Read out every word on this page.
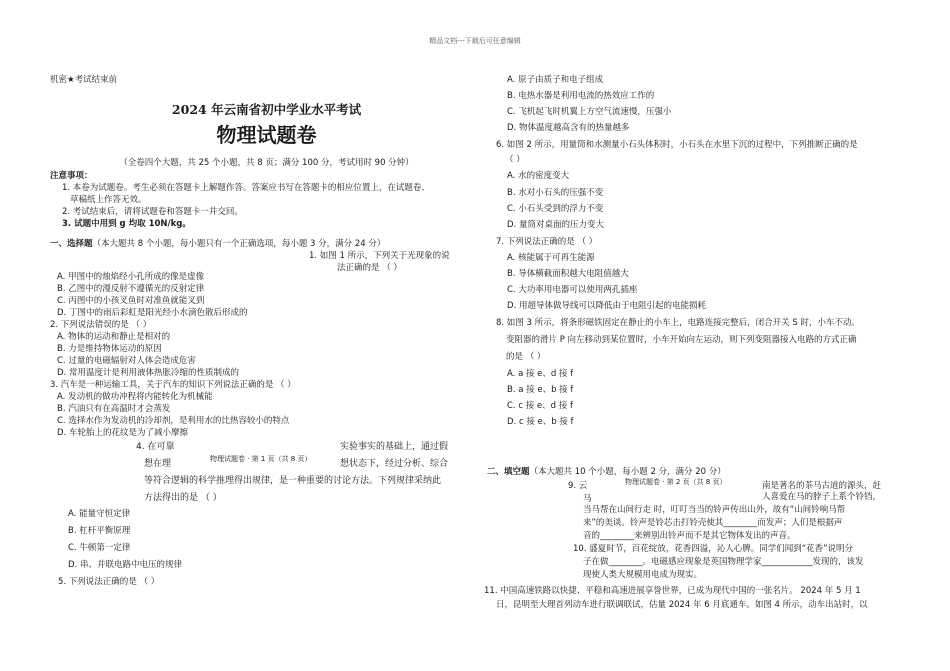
精品文档---下载后可任意编辑
机密★考试结束前
2024 年云南省初中学业水平考试
物理试题卷
（全卷四个大题，共 25 个小题，共 8 页；满分 100 分，考试用时 90 分钟）
注意事项：
1. 本卷为试题卷。考生必须在答题卡上解题作答。答案应书写在答题卡的相应位置上，在试题卷、
草稿纸上作答无效。
2. 考试结束后，请将试题卷和答题卡一并交回。
3. 试题中用到 g 均取 10N/kg。
一、选择题（本大题共 8 个小题，每小题只有一个正确选项，每小题 3 分，满分 24 分）
1. 如图 1 所示，下列关于光现象的说
法正确的是 （ ）
A. 甲图中的烛焰经小孔所成的像是虚像
B. 乙图中的漫反射不遵循光的反射定律
C. 丙图中的小孩叉鱼时对准鱼就能叉到
D. 丁图中的雨后彩虹是阳光经小水滴色散后形成的
2. 下列说法错误的是 （ ）
A. 物体的运动和静止是相对的
B. 力是维持物体运动的原因
C. 过量的电磁辐射对人体会造成危害
D. 常用温度计是利用液体热胀冷缩的性质制成的
3. 汽车是一种运输工具，关于汽车的知识下列说法正确的是 （ ）
A. 发动机的做功冲程将内能转化为机械能
B. 汽油只有在高温时才会蒸发
C. 选择水作为发动机的冷却剂，是利用水的比热容较小的特点
D. 车轮胎上的花纹是为了减小摩擦
4. 在可靠	实验事实的基础上，通过假
想在理	物理试题卷 · 第 1 页（共 8 页）	想状态下，经过分析、综合
等符合逻辑的科学推理得出规律，是一种重要的讨论方法。下列规律采纳此
方法得出的是 （ ）
A. 能量守恒定律
B. 杠杆平衡原理
C. 牛顿第一定律
D. 串、并联电路中电压的规律
5. 下列说法正确的是 （ ）
A. 原子由质子和电子组成
B. 电热水器是利用电流的热效应工作的
C. 飞机起飞时机翼上方空气流速慢，压强小
D. 物体温度越高含有的热量越多
6. 如图 2 所示，用量筒和水测量小石头体积时，小石头在水里下沉的过程中，下列推断正确的是
（ ）
A. 水的密度变大
B. 水对小石头的压强不变
C. 小石头受到的浮力不变
D. 量筒对桌面的压力变大
7. 下列说法正确的是 （ ）
A. 核能属于可再生能源
B. 导体横截面积越大电阻值越大
C. 大功率用电器可以使用两孔插座
D. 用超导体做导线可以降低由于电阻引起的电能损耗
8. 如图 3 所示，将条形磁铁固定在静止的小车上，电路连接完整后，闭合开关 S 时，小车不动。
变阻器的滑片 P 向左移动到某位置时，小车开始向左运动，则下列变阻器接入电路的方式正确
的是 （ ）
A. a 接 e、d 接 f
B. a 接 e、b 接 f
C. c 接 e、d 接 f
D. c 接 e、b 接 f
二、填空题（本大题共 10 个小题，每小题 2 分，满分 20 分）
9. 云	物理试题卷 · 第 2 页（共 8 页）	南是著名的茶马古道的源头，赶
马	人喜爱在马的脖子上系个铃铛，
当马帮在山间行走 时，叮叮当当的铃声传出山外，故有“山间铃响马帮
来”的美谈。铃声是铃芯击打铃壳使其________而发声；人们是根据声
音的________来辨别出铃声而不是其它物体发出的声音。
10. 盛夏时节，百花绽放，花香四溢，沁人心脾。同学们闻到“花香”说明分
子在做________。电磁感应现象是英国物理学家____________发现的，该发
现使人类大规模用电成为现实。
11. 中国高速铁路以快捷、平稳和高速进展享誉世界，已成为现代中国的一张名片。 2024 年 5 月 1
日，昆明至大理首列动车进行联调联试，估量 2024 年 6 月底通车。如图 4 所示，动车出站时，以
